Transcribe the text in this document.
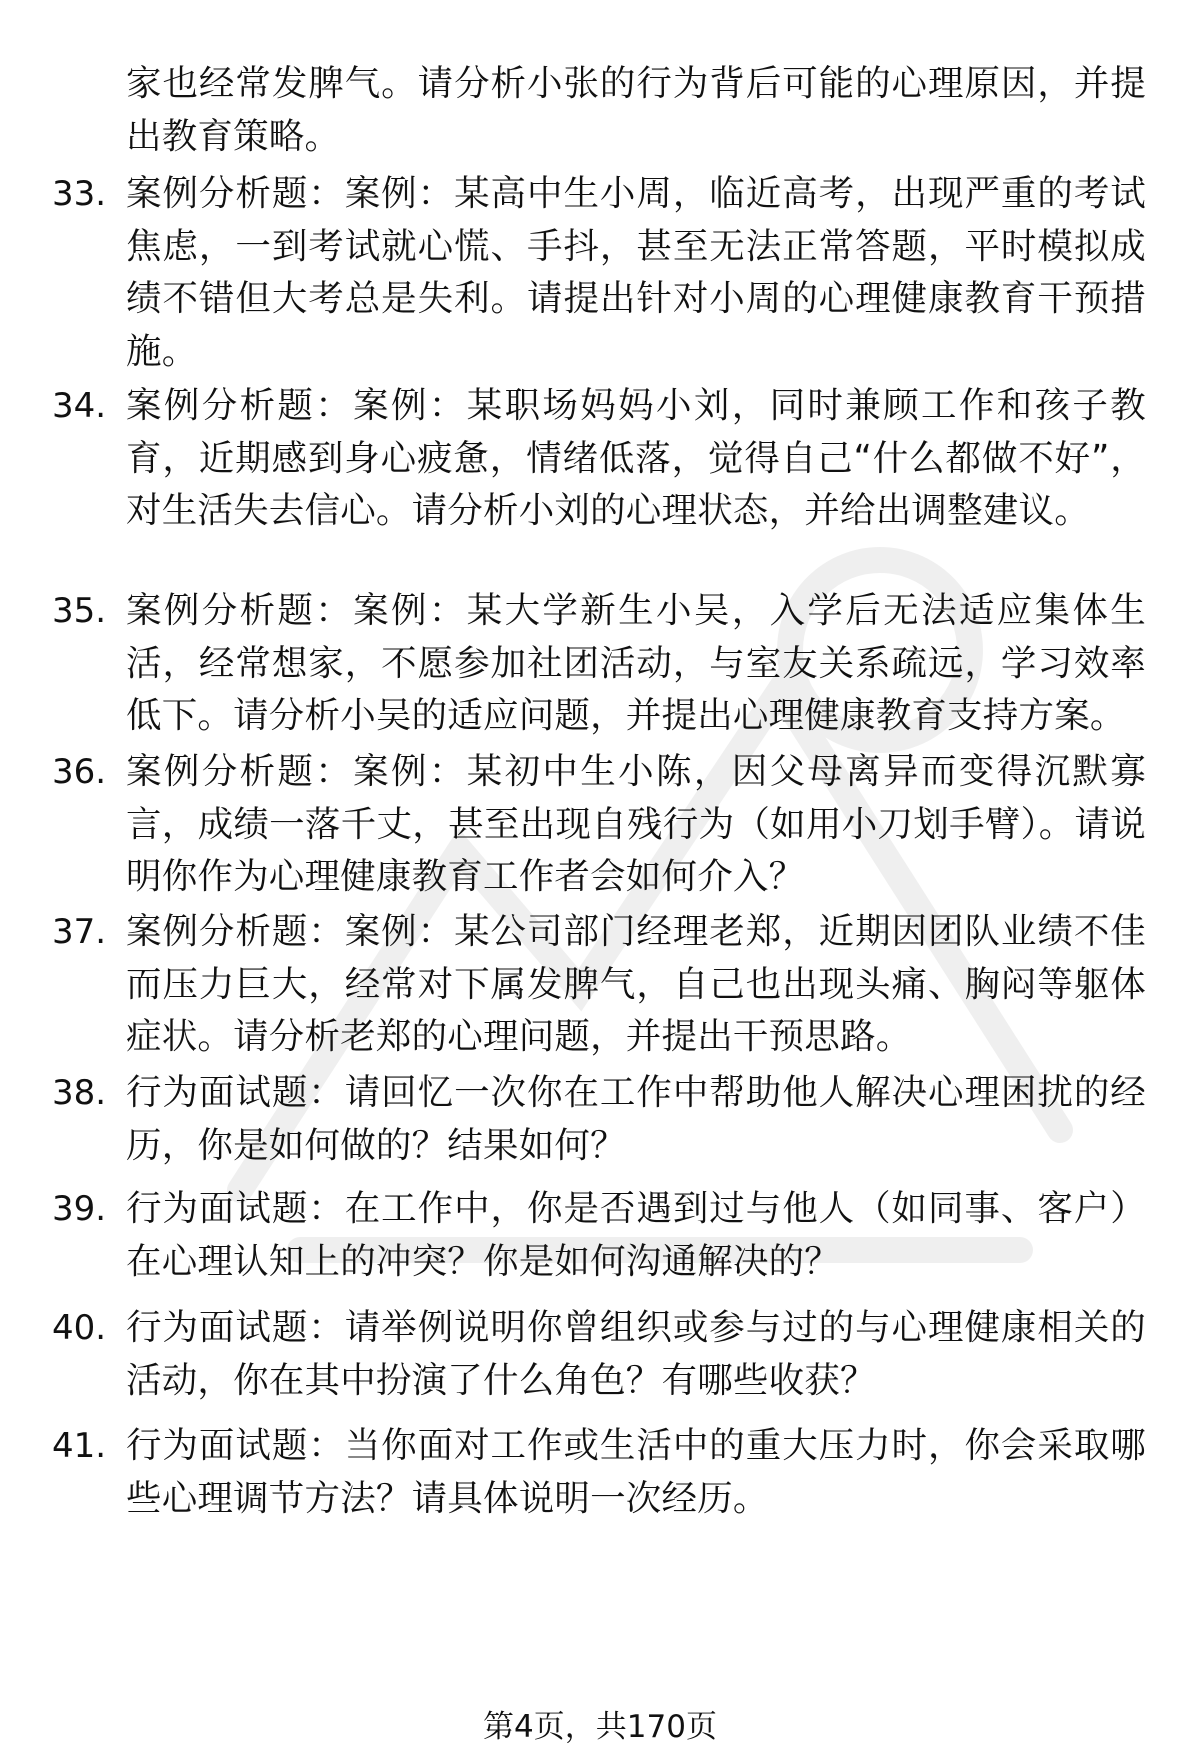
家也经常发脾气。请分析小张的行为背后可能的心理原因，并提出教育策略。
33. 案例分析题：案例：某高中生小周，临近高考，出现严重的考试焦虑，一到考试就心慌、手抖，甚至无法正常答题，平时模拟成绩不错但大考总是失利。请提出针对小周的心理健康教育干预措施。
34. 案例分析题：案例：某职场妈妈小刘，同时兼顾工作和孩子教育，近期感到身心疲惫，情绪低落，觉得自己“什么都做不好”，对生活失去信心。请分析小刘的心理状态，并给出调整建议。
35. 案例分析题：案例：某大学新生小吴，入学后无法适应集体生活，经常想家，不愿参加社团活动，与室友关系疏远，学习效率低下。请分析小吴的适应问题，并提出心理健康教育支持方案。
36. 案例分析题：案例：某初中生小陈，因父母离异而变得沉默寡言，成绩一落千丈，甚至出现自残行为（如用小刀划手臂）。请说明你作为心理健康教育工作者会如何介入？
37. 案例分析题：案例：某公司部门经理老郑，近期因团队业绩不佳而压力巨大，经常对下属发脾气，自己也出现头痛、胸闷等躯体症状。请分析老郑的心理问题，并提出干预思路。
38. 行为面试题：请回忆一次你在工作中帮助他人解决心理困扰的经历，你是如何做的？结果如何？
39. 行为面试题：在工作中，你是否遇到过与他人（如同事、客户）在心理认知上的冲突？你是如何沟通解决的？
40. 行为面试题：请举例说明你曾组织或参与过的与心理健康相关的活动，你在其中扮演了什么角色？有哪些收获？
41. 行为面试题：当你面对工作或生活中的重大压力时，你会采取哪些心理调节方法？请具体说明一次经历。
第4页，共170页
